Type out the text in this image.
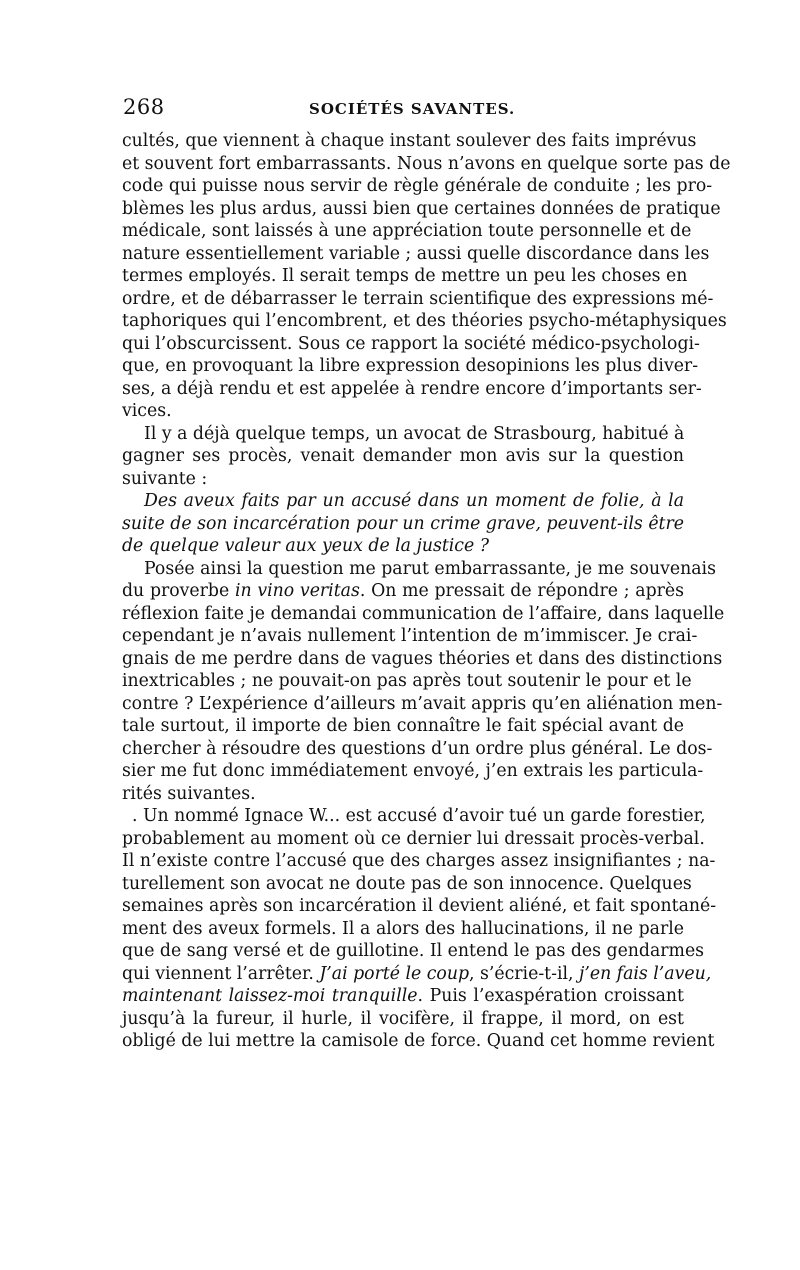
268	SOCIÉTÉS SAVANTES.
cultés, que viennent à chaque instant soulever des faits imprévus
et souvent fort embarrassants. Nous n’avons en quelque sorte pas de
code qui puisse nous servir de règle générale de conduite ; les pro-
blèmes les plus ardus, aussi bien que certaines données de pratique
médicale, sont laissés à une appréciation toute personnelle et de
nature essentiellement variable ; aussi quelle discordance dans les
termes employés. Il serait temps de mettre un peu les choses en
ordre, et de débarrasser le terrain scientifique des expressions mé-
taphoriques qui l’encombrent, et des théories psycho-métaphysiques
qui l’obscurcissent. Sous ce rapport la société médico-psychologi-
que, en provoquant la libre expression desopinions les plus diver-
ses, a déjà rendu et est appelée à rendre encore d’importants ser-
vices.
Il y a déjà quelque temps, un avocat de Strasbourg, habitué à
gagner ses procès, venait demander mon avis sur la question
suivante :
Des aveux faits par un accusé dans un moment de folie, à la
suite de son incarcération pour un crime grave, peuvent-ils être
de quelque valeur aux yeux de la justice ?
Posée ainsi la question me parut embarrassante, je me souvenais
du proverbe in vino veritas. On me pressait de répondre ; après
réflexion faite je demandai communication de l’affaire, dans laquelle
cependant je n’avais nullement l’intention de m’immiscer. Je crai-
gnais de me perdre dans de vagues théories et dans des distinctions
inextricables ; ne pouvait-on pas après tout soutenir le pour et le
contre ? L’expérience d’ailleurs m’avait appris qu’en aliénation men-
tale surtout, il importe de bien connaître le fait spécial avant de
chercher à résoudre des questions d’un ordre plus général. Le dos-
sier me fut donc immédiatement envoyé, j’en extrais les particula-
rités suivantes.
. Un nommé Ignace W... est accusé d’avoir tué un garde forestier,
probablement au moment où ce dernier lui dressait procès-verbal.
Il n’existe contre l’accusé que des charges assez insignifiantes ; na-
turellement son avocat ne doute pas de son innocence. Quelques
semaines après son incarcération il devient aliéné, et fait spontané-
ment des aveux formels. Il a alors des hallucinations, il ne parle
que de sang versé et de guillotine. Il entend le pas des gendarmes
qui viennent l’arrêter. J’ai porté le coup, s’écrie-t-il, j’en fais l’aveu,
maintenant laissez-moi tranquille. Puis l’exaspération croissant
jusqu’à la fureur, il hurle, il vocifère, il frappe, il mord, on est
obligé de lui mettre la camisole de force. Quand cet homme revient
